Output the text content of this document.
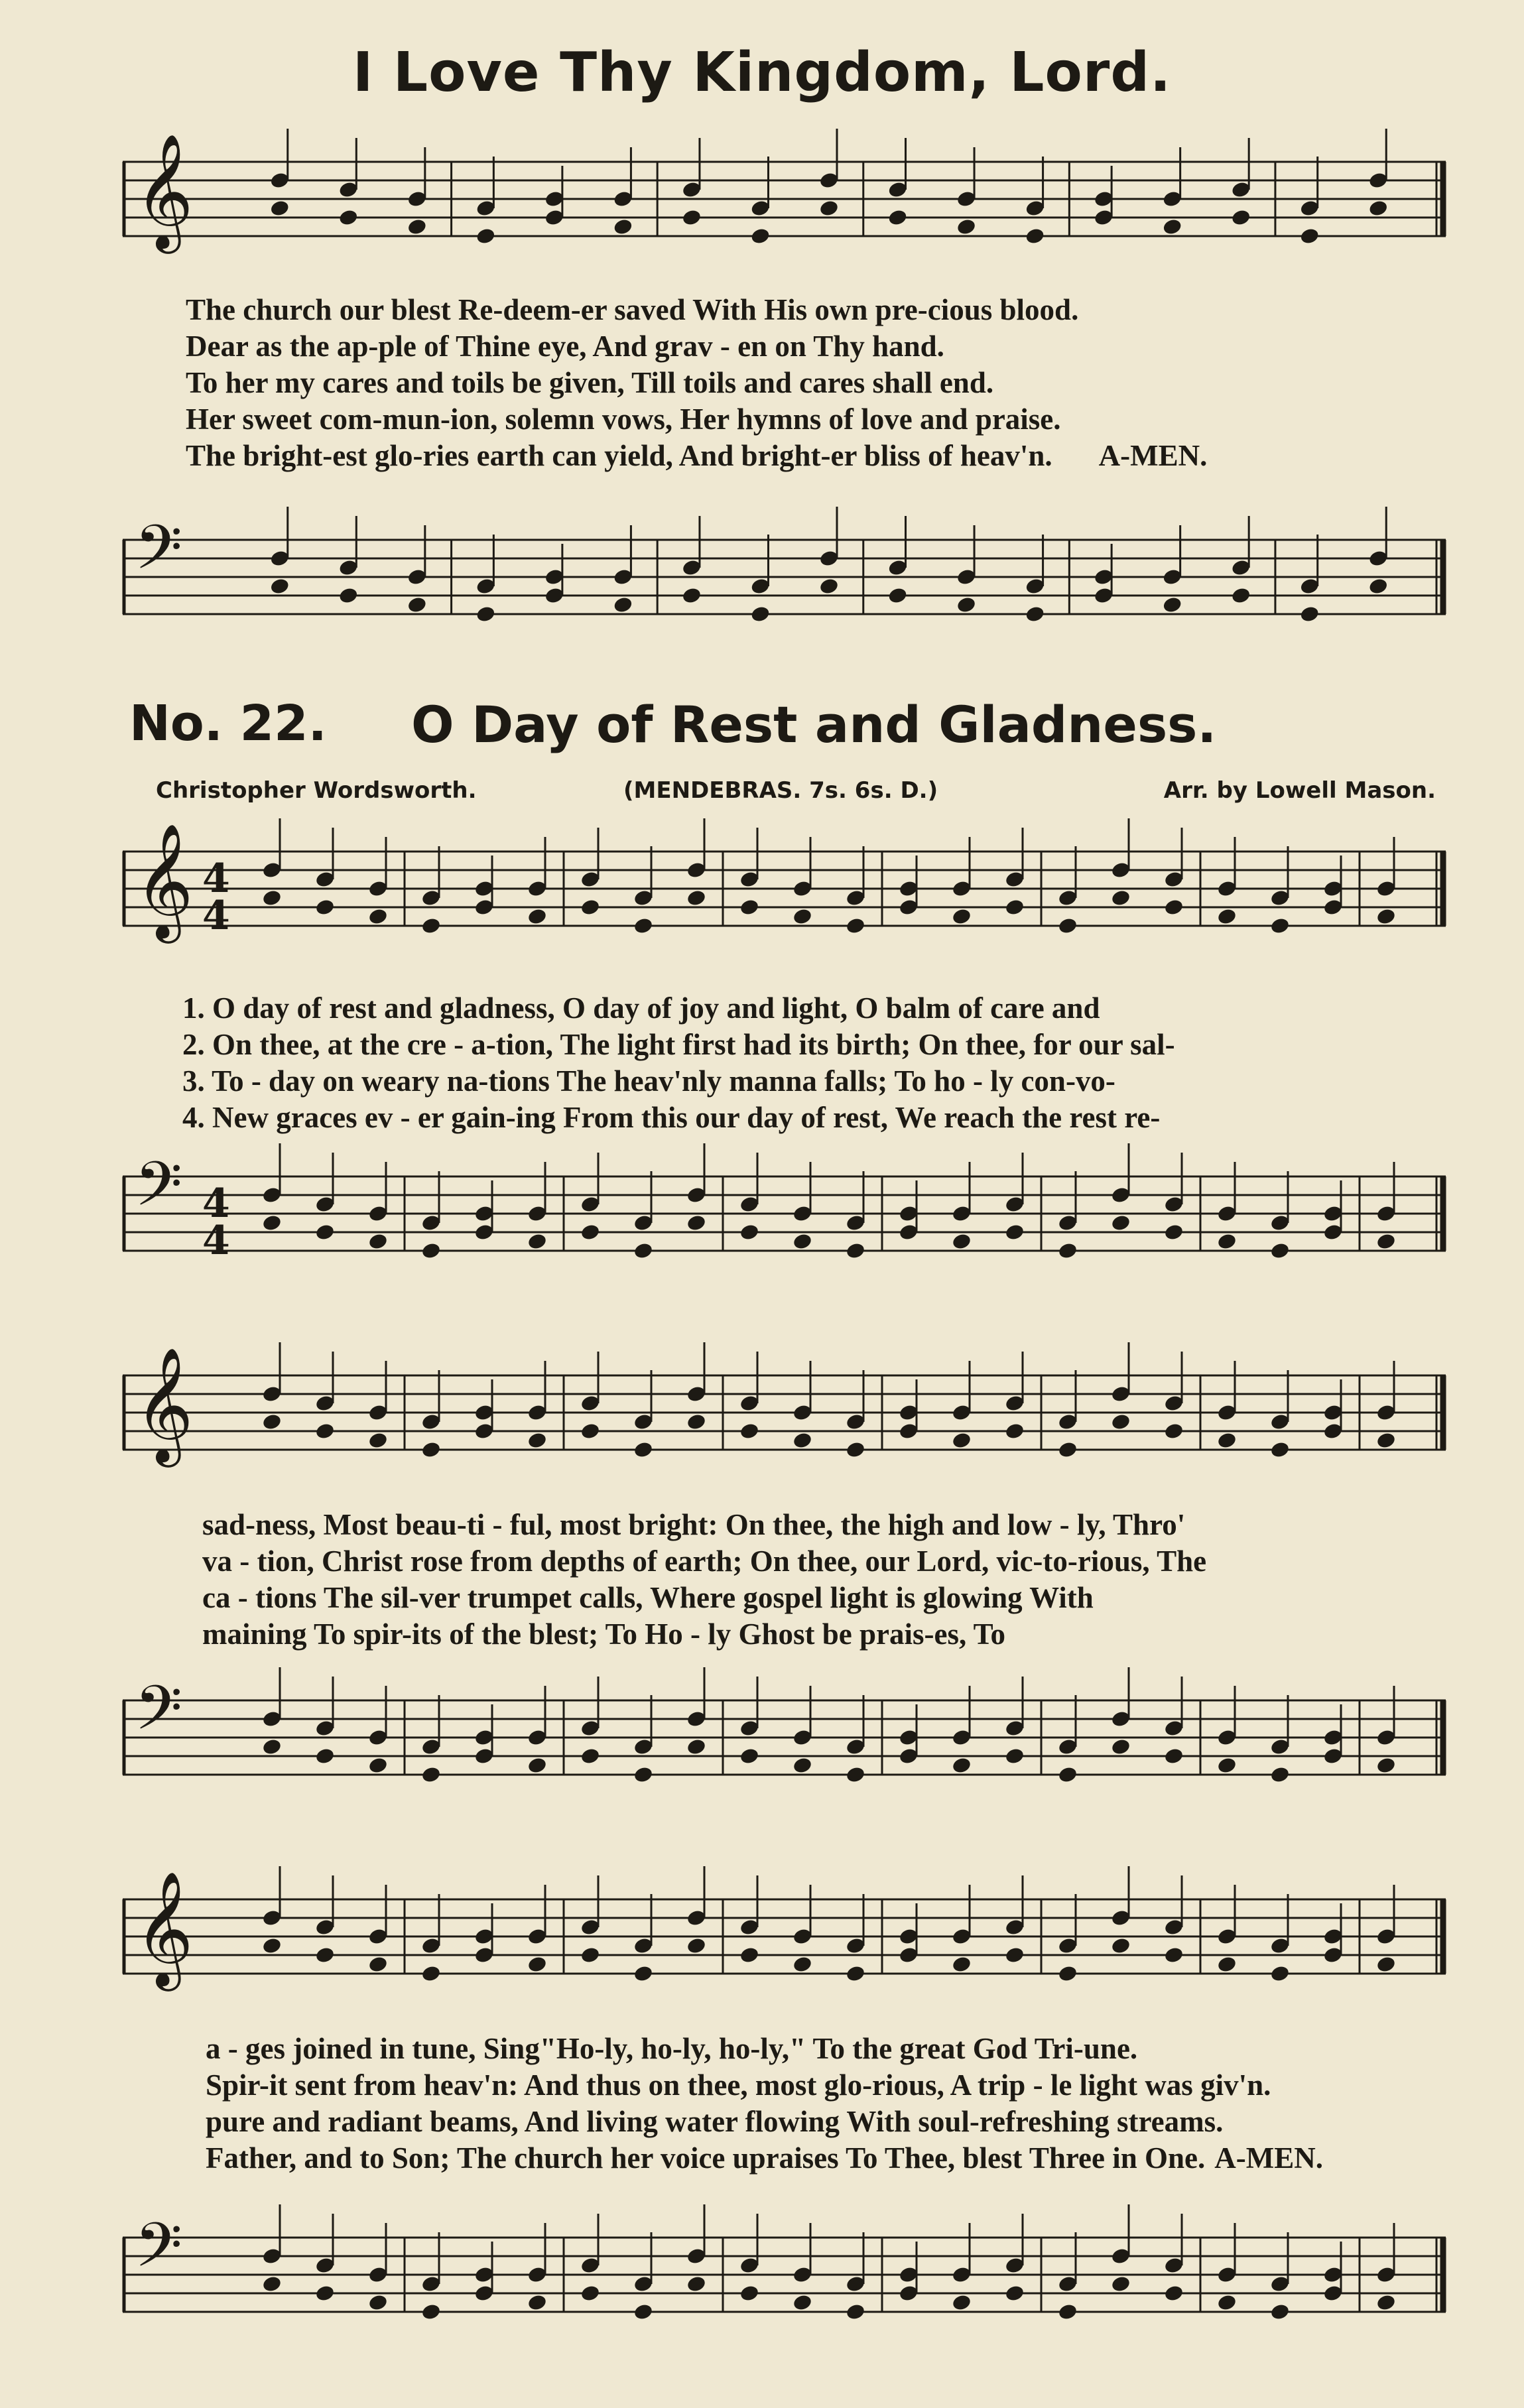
I Love Thy Kingdom, Lord.
𝄞
The church our blest Re-deem-er saved With His own pre-cious blood.
Dear as the ap-ple of Thine eye, And grav - en on Thy hand.
To her my cares and toils be given, Till toils and cares shall end.
Her sweet com-mun-ion, solemn vows, Her hymns of love and praise.
The bright-est glo-ries earth can yield, And bright-er bliss of heav'n. A-MEN.
𝄢
No. 22. O Day of Rest and Gladness.
Christopher Wordsworth.	(MENDEBRAS. 7s. 6s. D.)	Arr. by Lowell Mason.
𝄞 4
4
1. O day of rest and gladness, O day of joy and light, O balm of care and
2. On thee, at the cre - a-tion, The light first had its birth; On thee, for our sal-
3. To - day on weary na-tions The heav'nly manna falls; To ho - ly con-vo-
4. New graces ev - er gain-ing From this our day of rest, We reach the rest re-
𝄢 4
4
𝄞
sad-ness, Most beau-ti - ful, most bright: On thee, the high and low - ly, Thro'
va - tion, Christ rose from depths of earth; On thee, our Lord, vic-to-rious, The
ca - tions The sil-ver trumpet calls, Where gospel light is glowing With
maining To spir-its of the blest; To Ho - ly Ghost be prais-es, To
𝄢
𝄞
a - ges joined in tune, Sing"Ho-ly, ho-ly, ho-ly," To the great God Tri-une.
Spir-it sent from heav'n: And thus on thee, most glo-rious, A trip - le light was giv'n.
pure and radiant beams, And living water flowing With soul-refreshing streams.
Father, and to Son; The church her voice upraises To Thee, blest Three in One. A-MEN.
𝄢
